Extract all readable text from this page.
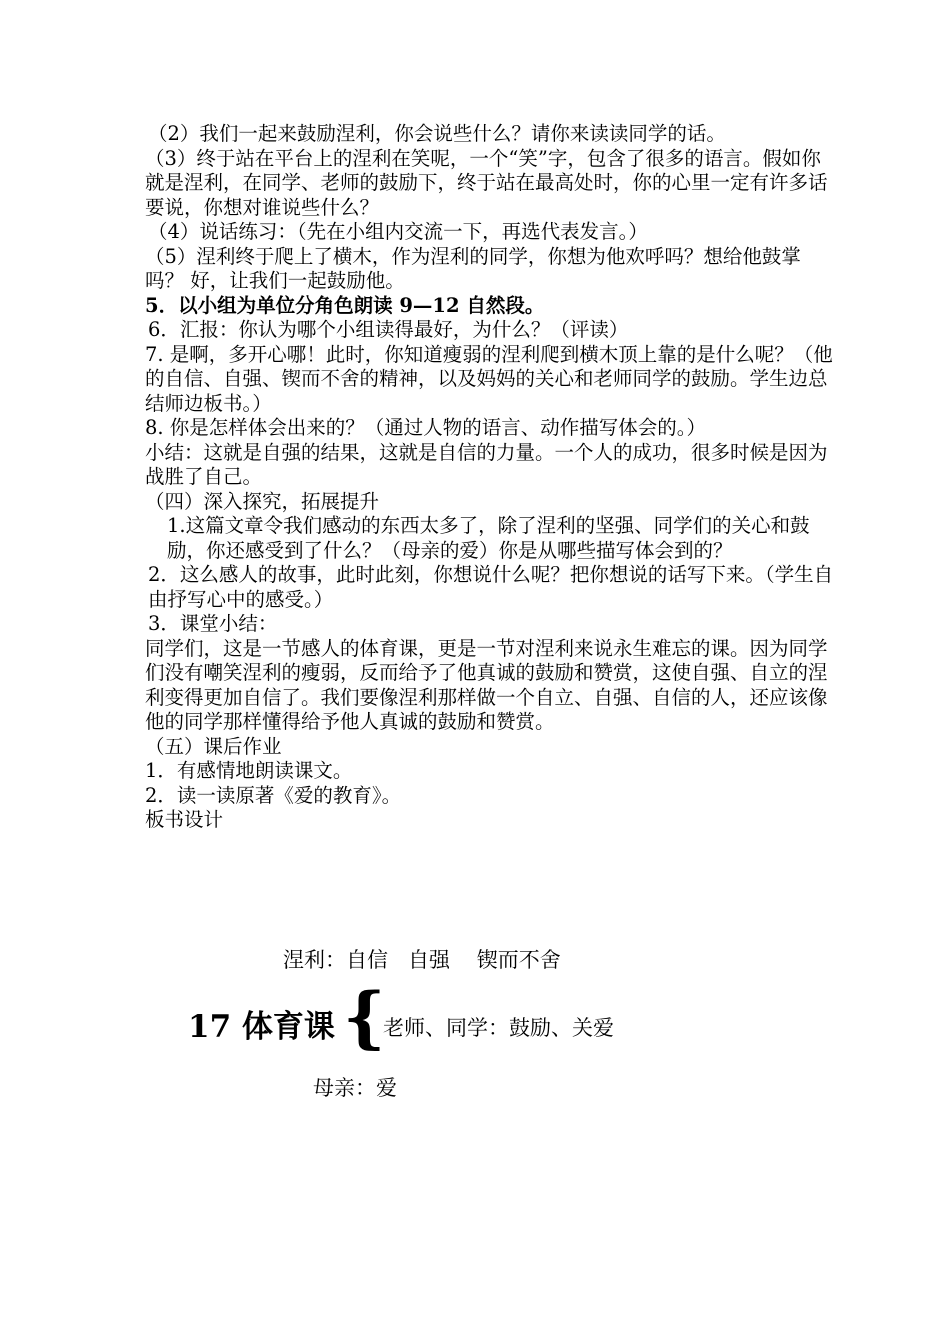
（2）我们一起来鼓励涅利，你会说些什么？请你来读读同学的话。

（3）终于站在平台上的涅利在笑呢，一个“笑”字，包含了很多的语言。假如你就是涅利，在同学、老师的鼓励下，终于站在最高处时，你的心里一定有许多话要说，你想对谁说些什么？

（4）说话练习：（先在小组内交流一下，再选代表发言。）

（5）涅利终于爬上了横木，作为涅利的同学，你想为他欢呼吗？想给他鼓掌吗？ 好，让我们一起鼓励他。

5．以小组为单位分角色朗读 9—12 自然段。

6．汇报：你认为哪个小组读得最好，为什么？（评读）

7. 是啊，多开心哪！此时，你知道瘦弱的涅利爬到横木顶上靠的是什么呢？（他的自信、自强、锲而不舍的精神，以及妈妈的关心和老师同学的鼓励。学生边总结师边板书。）

8. 你是怎样体会出来的？（通过人物的语言、动作描写体会的。）

小结：这就是自强的结果，这就是自信的力量。一个人的成功，很多时候是因为战胜了自己。

（四）深入探究，拓展提升

1.这篇文章令我们感动的东西太多了，除了涅利的坚强、同学们的关心和鼓励，你还感受到了什么？（母亲的爱）你是从哪些描写体会到的？

2．这么感人的故事，此时此刻，你想说什么呢？把你想说的话写下来。（学生自由抒写心中的感受。）

3．课堂小结：

同学们，这是一节感人的体育课，更是一节对涅利来说永生难忘的课。因为同学们没有嘲笑涅利的瘦弱，反而给予了他真诚的鼓励和赞赏，这使自强、自立的涅利变得更加自信了。我们要像涅利那样做一个自立、自强、自信的人，还应该像他的同学那样懂得给予他人真诚的鼓励和赞赏。

（五）课后作业

1．有感情地朗读课文。

2．读一读原著《爱的教育》。

板书设计

涅利：自信   自强    锲而不舍
17 体育课 {
老师、同学：鼓励、关爱
母亲：爱
